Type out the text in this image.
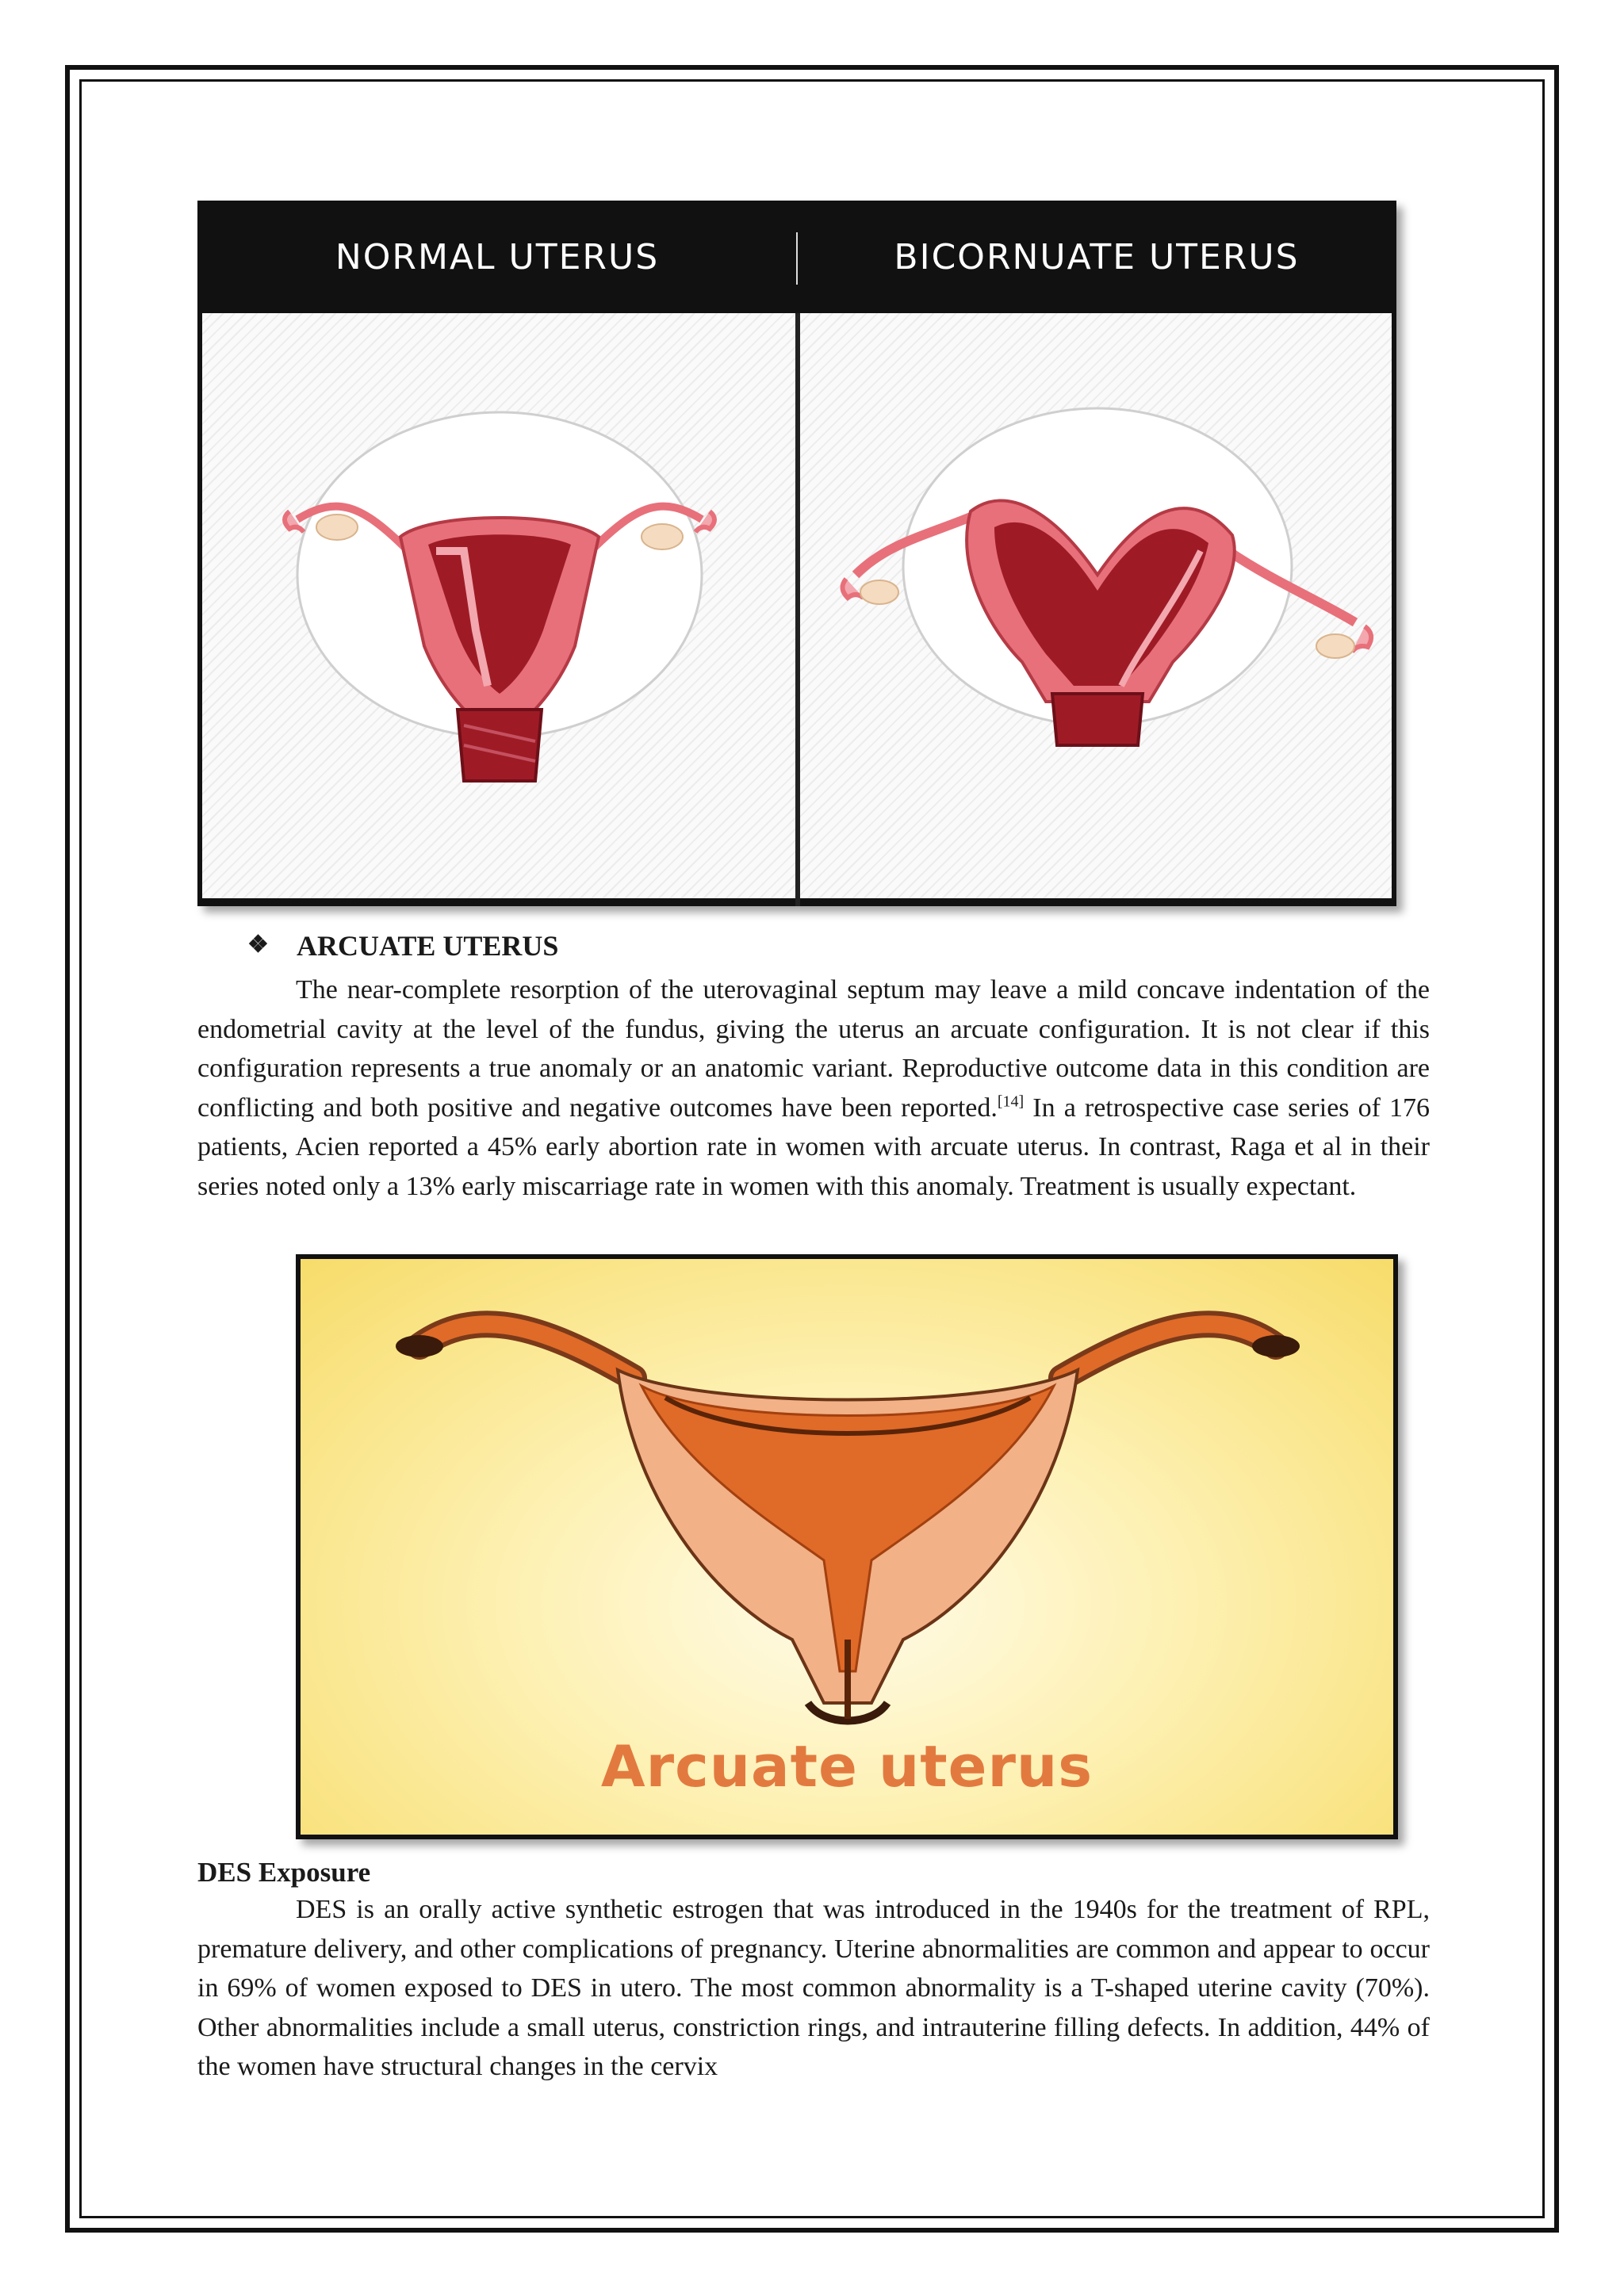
NORMAL UTERUS	BICORNUATE UTERUS
❖ ARCUATE UTERUS

The near-complete resorption of the uterovaginal septum may leave a mild concave indentation of the endometrial cavity at the level of the fundus, giving the uterus an arcuate configuration. It is not clear if this configuration represents a true anomaly or an anatomic variant. Reproductive outcome data in this condition are conflicting and both positive and negative outcomes have been reported.[14] In a retrospective case series of 176 patients, Acien reported a 45% early abortion rate in women with arcuate uterus. In contrast, Raga et al in their series noted only a 13% early miscarriage rate in women with this anomaly. Treatment is usually expectant.

Arcuate uterus
DES Exposure

DES is an orally active synthetic estrogen that was introduced in the 1940s for the treatment of RPL, premature delivery, and other complications of pregnancy. Uterine abnormalities are common and appear to occur in 69% of women exposed to DES in utero. The most common abnormality is a T-shaped uterine cavity (70%). Other abnormalities include a small uterus, constriction rings, and intrauterine filling defects. In addition, 44% of the women have structural changes in the cervix
